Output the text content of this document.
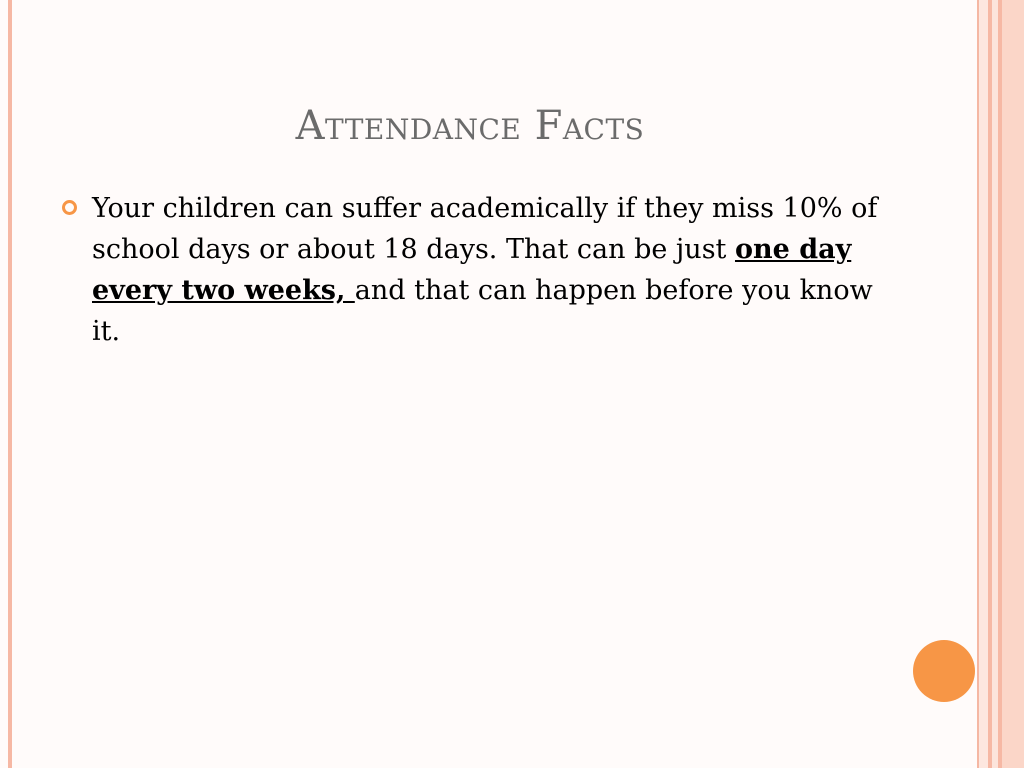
Attendance Facts

Your children can suffer academically if they miss 10% of school days or about 18 days. That can be just one day every two weeks, and that can happen before you know it.
